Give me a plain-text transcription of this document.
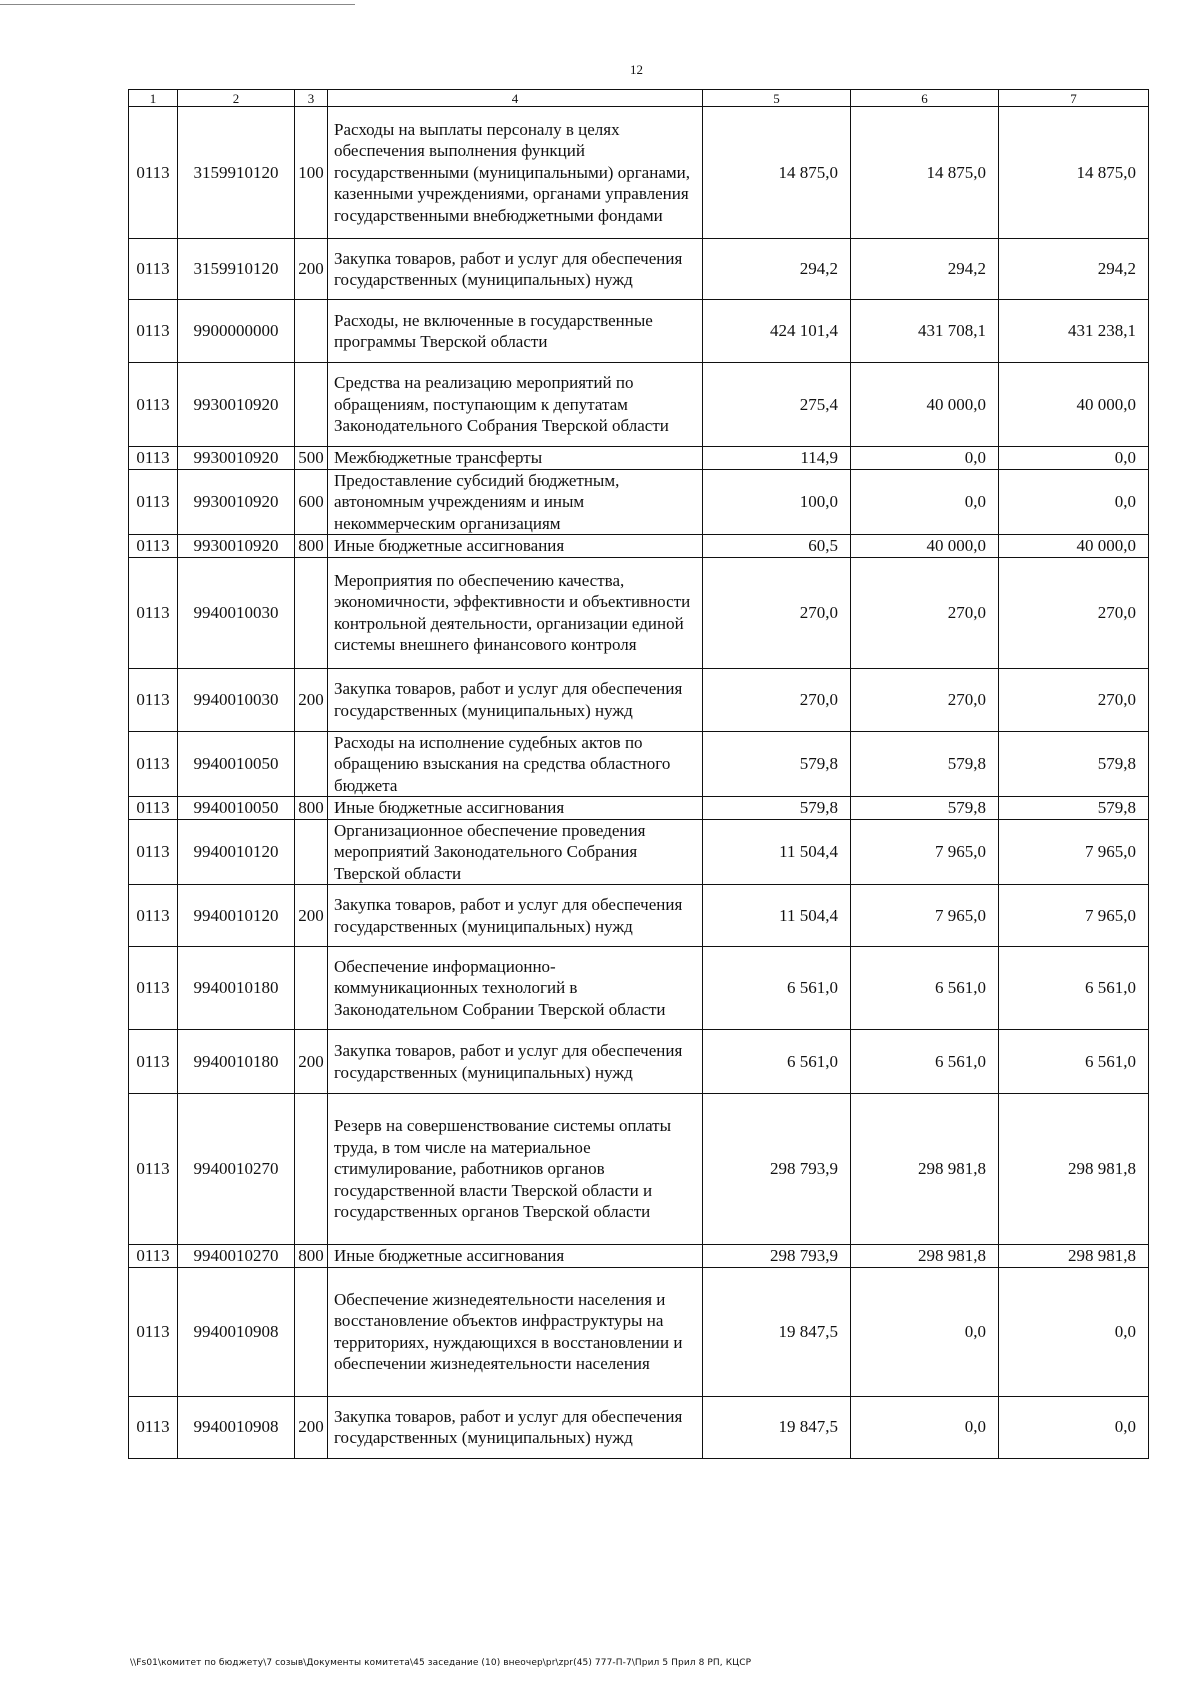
12
1	2	3	4	5	6	7
0113	3159910120	100	Расходы на выплаты персоналу в целях обеспечения выполнения функций государственными (муниципальными) органами, казенными учреждениями, органами управления государственными внебюджетными фондами	14 875,0	14 875,0	14 875,0
0113	3159910120	200	Закупка товаров, работ и услуг для обеспечения государственных (муниципальных) нужд	294,2	294,2	294,2
0113	9900000000		Расходы, не включенные в государственные программы Тверской области	424 101,4	431 708,1	431 238,1
0113	9930010920		Средства на реализацию мероприятий по обращениям, поступающим к депутатам Законодательного Собрания Тверской области	275,4	40 000,0	40 000,0
0113	9930010920	500	Межбюджетные трансферты	114,9	0,0	0,0
0113	9930010920	600	Предоставление субсидий бюджетным, автономным учреждениям и иным некоммерческим организациям	100,0	0,0	0,0
0113	9930010920	800	Иные бюджетные ассигнования	60,5	40 000,0	40 000,0
0113	9940010030		Мероприятия по обеспечению качества, экономичности, эффективности и объективности контрольной деятельности, организации единой системы внешнего финансового контроля	270,0	270,0	270,0
0113	9940010030	200	Закупка товаров, работ и услуг для обеспечения государственных (муниципальных) нужд	270,0	270,0	270,0
0113	9940010050		Расходы на исполнение судебных актов по обращению взыскания на средства областного бюджета	579,8	579,8	579,8
0113	9940010050	800	Иные бюджетные ассигнования	579,8	579,8	579,8
0113	9940010120		Организационное обеспечение проведения мероприятий Законодательного Собрания Тверской области	11 504,4	7 965,0	7 965,0
0113	9940010120	200	Закупка товаров, работ и услуг для обеспечения государственных (муниципальных) нужд	11 504,4	7 965,0	7 965,0
0113	9940010180		Обеспечение информационно-коммуникационных технологий в Законодательном Собрании Тверской области	6 561,0	6 561,0	6 561,0
0113	9940010180	200	Закупка товаров, работ и услуг для обеспечения государственных (муниципальных) нужд	6 561,0	6 561,0	6 561,0
0113	9940010270		Резерв на совершенствование системы оплаты труда, в том числе на материальное стимулирование, работников органов государственной власти Тверской области и государственных органов Тверской области	298 793,9	298 981,8	298 981,8
0113	9940010270	800	Иные бюджетные ассигнования	298 793,9	298 981,8	298 981,8
0113	9940010908		Обеспечение жизнедеятельности населения и восстановление объектов инфраструктуры на территориях, нуждающихся в восстановлении и обеспечении жизнедеятельности населения	19 847,5	0,0	0,0
0113	9940010908	200	Закупка товаров, работ и услуг для обеспечения государственных (муниципальных) нужд	19 847,5	0,0	0,0
\\Fs01\комитет по бюджету\7 созыв\Документы комитета\45 заседание (10) внеочер\pr\zpr(45) 777-П-7\Прил 5 Прил 8 РП, КЦСР
